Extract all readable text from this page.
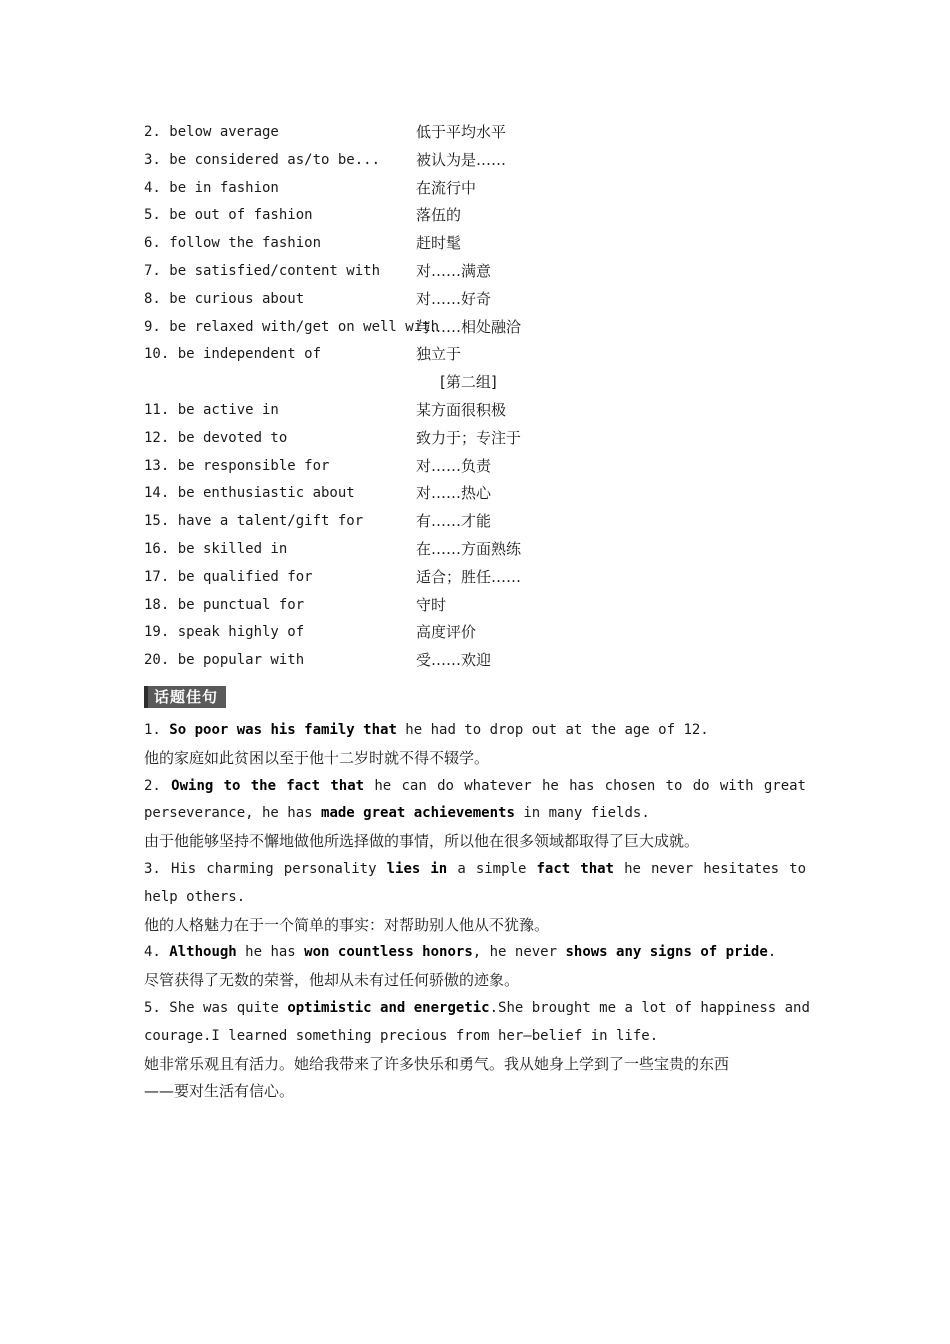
2. below average	低于平均水平
3. be considered as/to be... 被认为是……
4. be in fashion	在流行中
5. be out of fashion	落伍的
6. follow the fashion	赶时髦
7. be satisfied/content with 对……满意
8. be curious about	对……好奇
9. be relaxed with/get on well with
与……相处融洽
10. be independent of	独立于
[第二组]
11. be active in	某方面很积极
12. be devoted to	致力于；专注于
13. be responsible for	对……负责
14. be enthusiastic about	对……热心
15. have a talent/gift for	有……才能
16. be skilled in	在……方面熟练
17. be qualified for	适合；胜任……
18. be punctual for	守时
19. speak highly of	高度评价
20. be popular with	受……欢迎
话题佳句
1. So poor was his family that he had to drop out at the age of 12.
他的家庭如此贫困以至于他十二岁时就不得不辍学。
2. Owing to the fact that he can do whatever he has chosen to do with great
perseverance, he has made great achievements in many fields.
由于他能够坚持不懈地做他所选择做的事情，所以他在很多领域都取得了巨大成就。
3. His charming personality lies in a simple fact that he never hesitates to
help others.
他的人格魅力在于一个简单的事实：对帮助别人他从不犹豫。
4. Although he has won countless honors, he never shows any signs of pride.
尽管获得了无数的荣誉，他却从未有过任何骄傲的迹象。
5. She was quite optimistic and energetic.She brought me a lot of happiness and
courage.I learned something precious from her—belief in life.
她非常乐观且有活力。她给我带来了许多快乐和勇气。我从她身上学到了一些宝贵的东西
——要对生活有信心。
